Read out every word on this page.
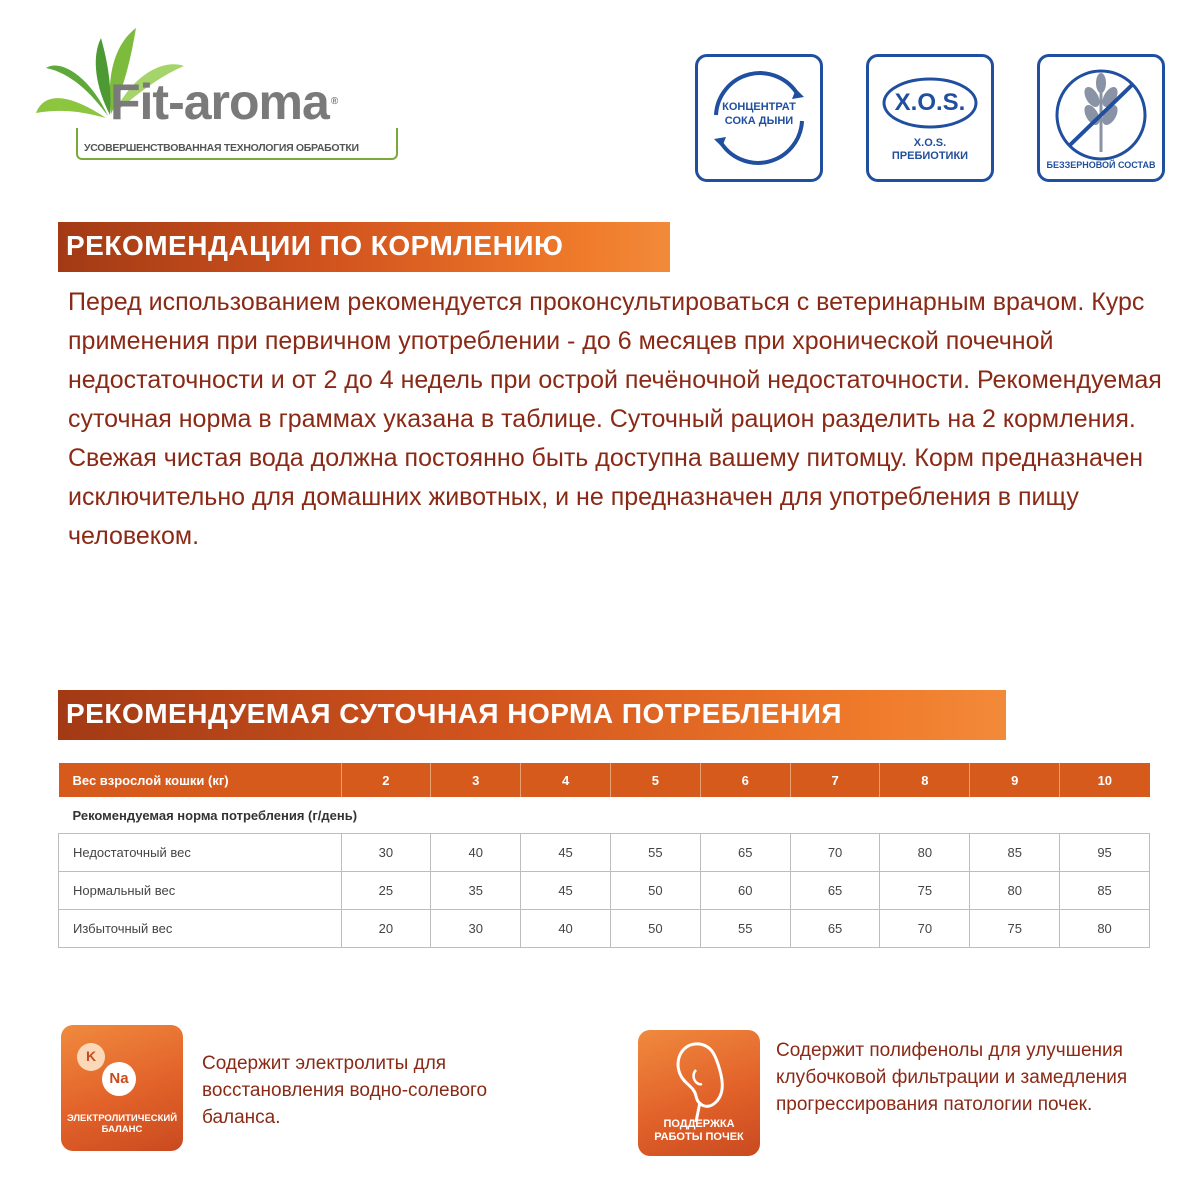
Fit-aroma ®
УСОВЕРШЕНСТВОВАННАЯ ТЕХНОЛОГИЯ ОБРАБОТКИ
КОНЦЕНТРАТ
СОКА ДЫНИ
X.O.S.
X.O.S.
ПРЕБИОТИКИ
БЕЗЗЕРНОВОЙ СОСТАВ
РЕКОМЕНДАЦИИ ПО КОРМЛЕНИЮ

Перед использованием рекомендуется проконсультироваться с ветеринарным врачом. Курс применения при первичном употреблении - до 6 месяцев при хронической почечной недостаточности и от 2 до 4 недель при острой печёночной недостаточности. Рекомендуемая суточная норма в граммах указана в таблице. Суточный рацион разделить на 2 кормления. Свежая чистая вода должна постоянно быть доступна вашему питомцу. Корм предназначен исключительно для домашних животных, и не предназначен для употребления в пищу человеком.

РЕКОМЕНДУЕМАЯ СУТОЧНАЯ НОРМА ПОТРЕБЛЕНИЯ
Вес взрослой кошки (кг)	2	3	4	5	6	7	8	9	10
Рекомендуемая норма потребления (г/день)									
Недостаточный вес	30	40	45	55	65	70	80	85	95
Нормальный вес	25	35	45	50	60	65	75	80	85
Избыточный вес	20	30	40	50	55	65	70	75	80
K
Na
ЭЛЕКТРОЛИТИЧЕСКИЙ
БАЛАНС

Содержит электролиты для восстановления водно-солевого баланса.	ПОДДЕРЖКА
РАБОТЫ ПОЧЕК

Содержит полифенолы для улучшения клубочковой фильтрации и замедления прогрессирования патологии почек.
